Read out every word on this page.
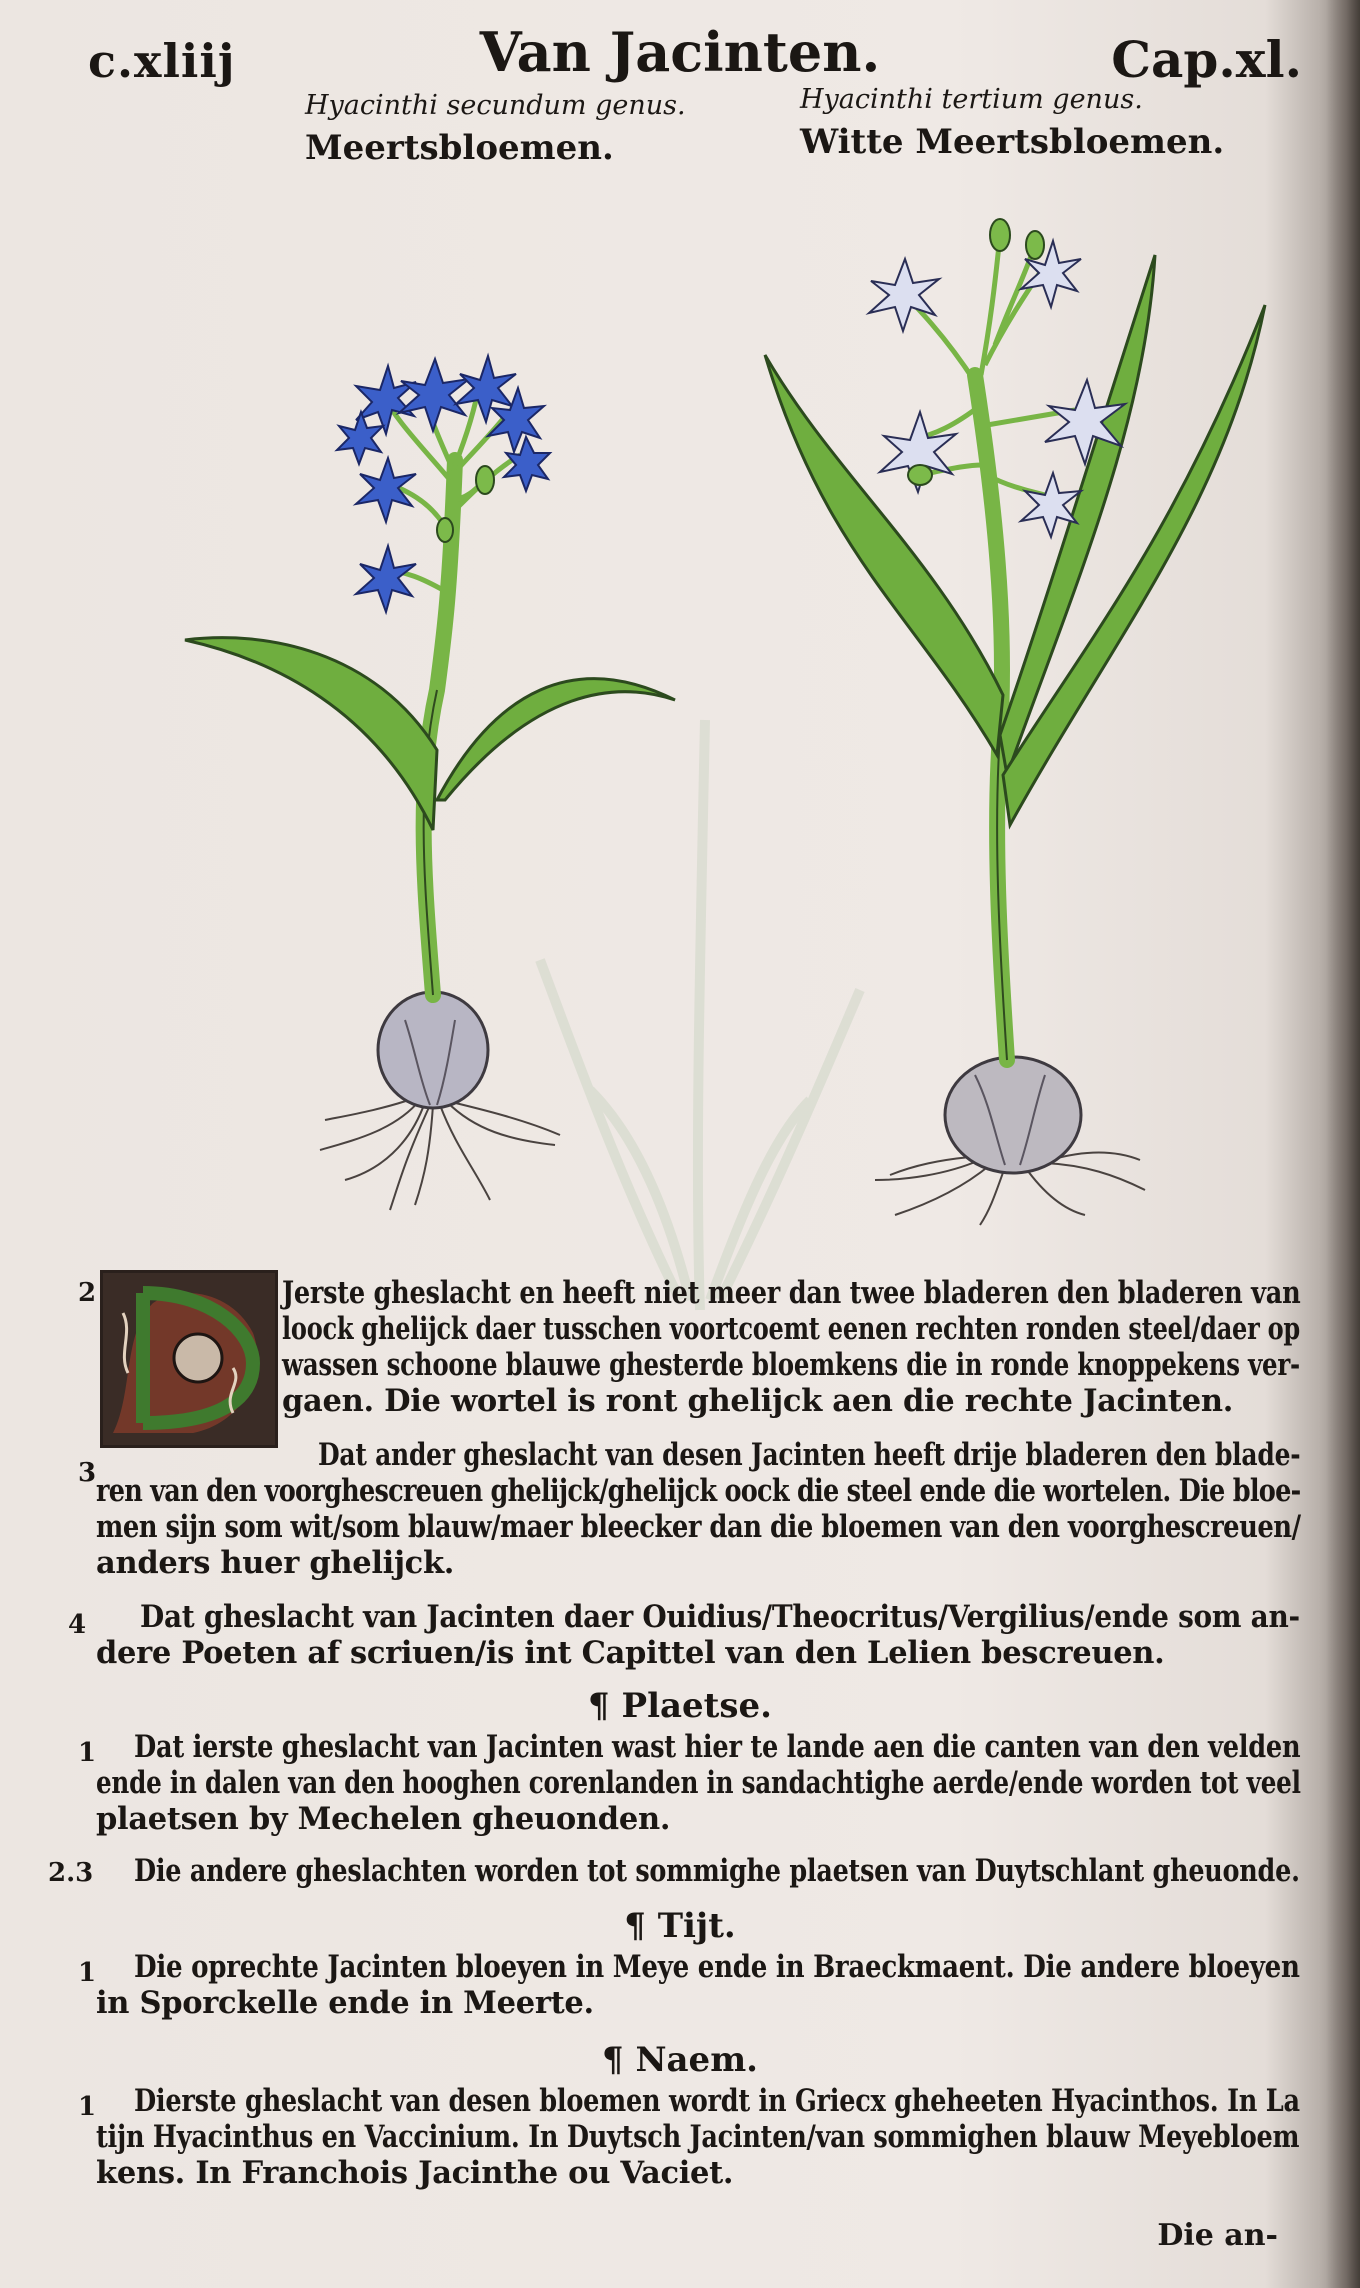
c.xliij	Van Jacinten.	Cap.xl.
Hyacinthi secundum genus.
Meertsbloemen.
Hyacinthi tertium genus.
Witte Meertsbloemen.
2
3
4
Jerste gheslacht en heeft niet meer dan twee bladeren den bladeren van
loock ghelijck daer tusschen voortcoemt eenen rechten ronden steel/daer op
wassen schoone blauwe ghesterde bloemkens die in ronde knoppekens ver-
gaen. Die wortel is ront ghelijck aen die rechte Jacinten.
Dat ander gheslacht van desen Jacinten heeft drije bladeren den blade-
ren van den voorghescreuen ghelijck/ghelijck oock die steel ende die wortelen. Die bloe-
men sijn som wit/som blauw/maer bleecker dan die bloemen van den voorghescreuen/
anders huer ghelijck.
Dat gheslacht van Jacinten daer Ouidius/Theocritus/Vergilius/ende som an-
dere Poeten af scriuen/is int Capittel van den Lelien bescreuen.
¶ Plaetse.
1 Dat ierste gheslacht van Jacinten wast hier te lande aen die canten van den velden
ende in dalen van den hooghen corenlanden in sandachtighe aerde/ende worden tot veel
plaetsen by Mechelen gheuonden.
2.3 Die andere gheslachten worden tot sommighe plaetsen van Duytschlant gheuonde.
¶ Tijt.
1 Die oprechte Jacinten bloeyen in Meye ende in Braeckmaent. Die andere bloeyen
in Sporckelle ende in Meerte.
¶ Naem.
1 Dierste gheslacht van desen bloemen wordt in Griecx gheheeten Hyacinthos. In La
tijn Hyacinthus en Vaccinium. In Duytsch Jacinten/van sommighen blauw Meyebloem
kens. In Franchois Jacinthe ou Vaciet.
Die an-
